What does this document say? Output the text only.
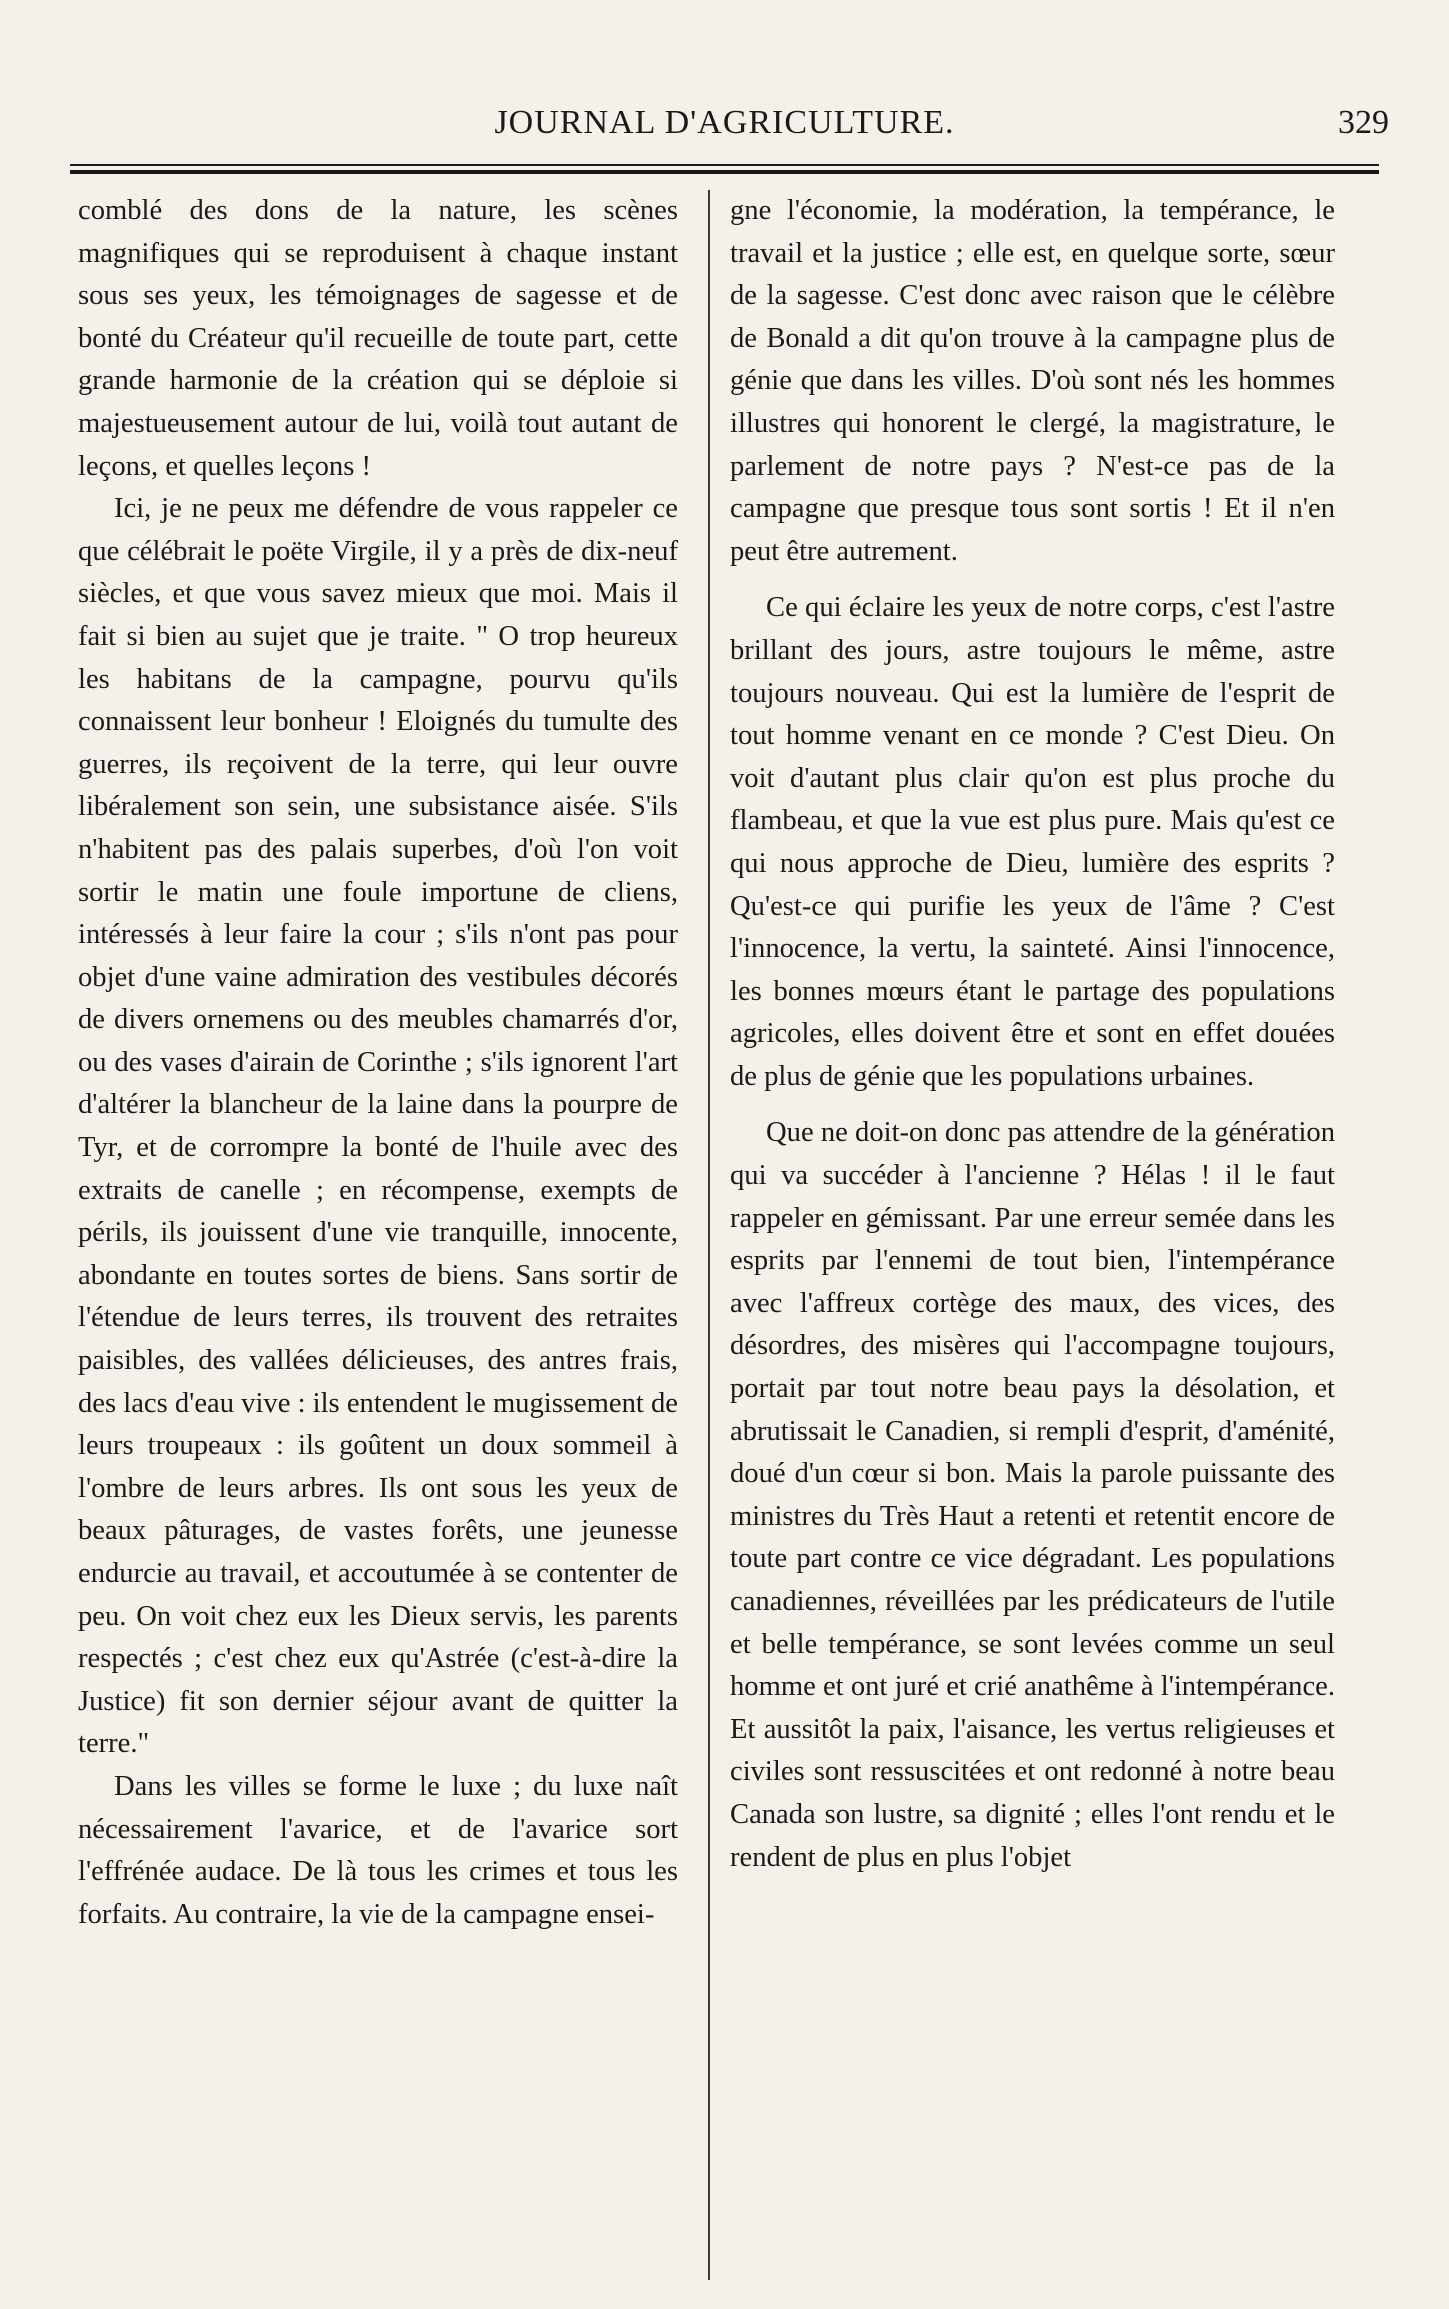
JOURNAL D'AGRICULTURE.	329

comblé des dons de la nature, les scènes magnifiques qui se reproduisent à chaque instant sous ses yeux, les témoignages de sagesse et de bonté du Créateur qu'il recueille de toute part, cette grande harmonie de la création qui se déploie si majestueusement autour de lui, voilà tout autant de leçons, et quelles leçons !

Ici, je ne peux me défendre de vous rappeler ce que célébrait le poëte Virgile, il y a près de dix-neuf siècles, et que vous savez mieux que moi. Mais il fait si bien au sujet que je traite. " O trop heureux les habitans de la campagne, pourvu qu'ils connaissent leur bonheur ! Eloignés du tumulte des guerres, ils reçoivent de la terre, qui leur ouvre libéralement son sein, une subsistance aisée. S'ils n'habitent pas des palais superbes, d'où l'on voit sortir le matin une foule importune de cliens, intéressés à leur faire la cour ; s'ils n'ont pas pour objet d'une vaine admiration des vestibules décorés de divers ornemens ou des meubles chamarrés d'or, ou des vases d'airain de Corinthe ; s'ils ignorent l'art d'altérer la blancheur de la laine dans la pourpre de Tyr, et de corrompre la bonté de l'huile avec des extraits de canelle ; en récompense, exempts de périls, ils jouissent d'une vie tranquille, innocente, abondante en toutes sortes de biens. Sans sortir de l'étendue de leurs terres, ils trouvent des retraites paisibles, des vallées délicieuses, des antres frais, des lacs d'eau vive : ils entendent le mugissement de leurs troupeaux : ils goûtent un doux sommeil à l'ombre de leurs arbres. Ils ont sous les yeux de beaux pâturages, de vastes forêts, une jeunesse endurcie au travail, et accoutumée à se contenter de peu. On voit chez eux les Dieux servis, les parents respectés ; c'est chez eux qu'Astrée (c'est-à-dire la Justice) fit son dernier séjour avant de quitter la terre."

Dans les villes se forme le luxe ; du luxe naît nécessairement l'avarice, et de l'avarice sort l'effrénée audace. De là tous les crimes et tous les forfaits. Au contraire, la vie de la campagne ensei-

gne l'économie, la modération, la tempérance, le travail et la justice ; elle est, en quelque sorte, sœur de la sagesse. C'est donc avec raison que le célèbre de Bonald a dit qu'on trouve à la campagne plus de génie que dans les villes. D'où sont nés les hommes illustres qui honorent le clergé, la magistrature, le parlement de notre pays ? N'est-ce pas de la campagne que presque tous sont sortis ! Et il n'en peut être autrement.

Ce qui éclaire les yeux de notre corps, c'est l'astre brillant des jours, astre toujours le même, astre toujours nouveau. Qui est la lumière de l'esprit de tout homme venant en ce monde ? C'est Dieu. On voit d'autant plus clair qu'on est plus proche du flambeau, et que la vue est plus pure. Mais qu'est ce qui nous approche de Dieu, lumière des esprits ? Qu'est-ce qui purifie les yeux de l'âme ? C'est l'innocence, la vertu, la sainteté. Ainsi l'innocence, les bonnes mœurs étant le partage des populations agricoles, elles doivent être et sont en effet douées de plus de génie que les populations urbaines.

Que ne doit-on donc pas attendre de la génération qui va succéder à l'ancienne ? Hélas ! il le faut rappeler en gémissant. Par une erreur semée dans les esprits par l'ennemi de tout bien, l'intempérance avec l'affreux cortège des maux, des vices, des désordres, des misères qui l'accompagne toujours, portait par tout notre beau pays la désolation, et abrutissait le Canadien, si rempli d'esprit, d'aménité, doué d'un cœur si bon. Mais la parole puissante des ministres du Très Haut a retenti et retentit encore de toute part contre ce vice dégradant. Les populations canadiennes, réveillées par les prédicateurs de l'utile et belle tempérance, se sont levées comme un seul homme et ont juré et crié anathême à l'intempérance. Et aussitôt la paix, l'aisance, les vertus religieuses et civiles sont ressuscitées et ont redonné à notre beau Canada son lustre, sa dignité ; elles l'ont rendu et le rendent de plus en plus l'objet
